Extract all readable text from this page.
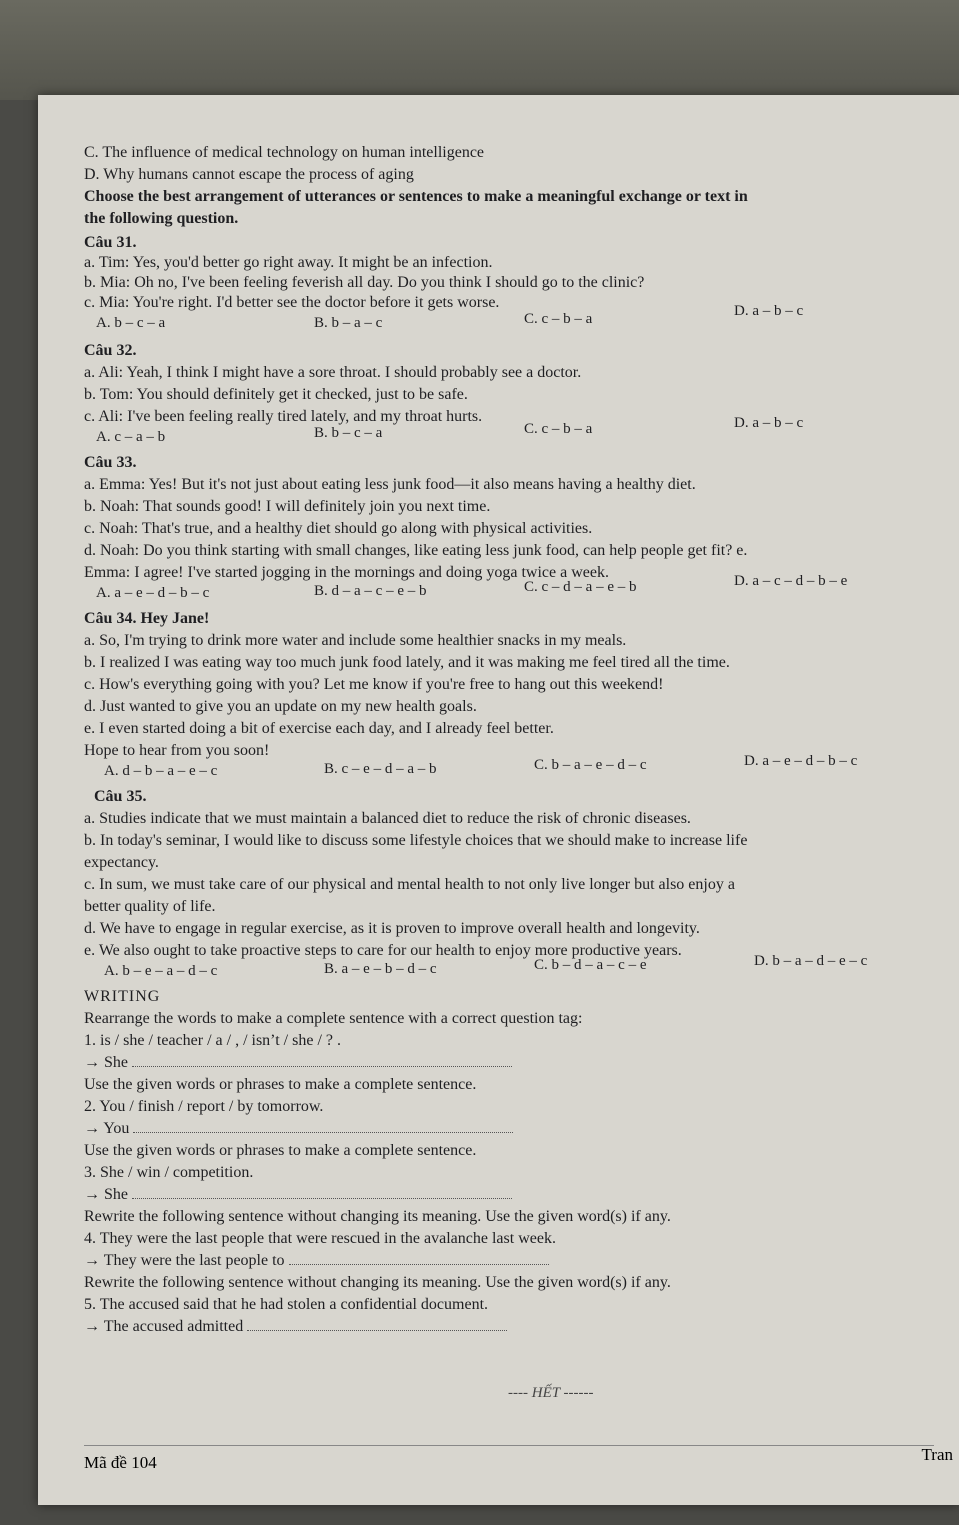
C. The influence of medical technology on human intelligence
D. Why humans cannot escape the process of aging
Choose the best arrangement of utterances or sentences to make a meaningful exchange or text in
the following question.
Câu 31.
a. Tim: Yes, you'd better go right away. It might be an infection.
b. Mia: Oh no, I've been feeling feverish all day. Do you think I should go to the clinic?
c. Mia: You're right. I'd better see the doctor before it gets worse.
A. b – c – a	B. b – a – c	C. c – b – a	D. a – b – c
Câu 32.
a. Ali: Yeah, I think I might have a sore throat. I should probably see a doctor.
b. Tom: You should definitely get it checked, just to be safe.
c. Ali: I've been feeling really tired lately, and my throat hurts.
A. c – a – b	B. b – c – a	C. c – b – a	D. a – b – c
Câu 33.
a. Emma: Yes! But it's not just about eating less junk food—it also means having a healthy diet.
b. Noah: That sounds good! I will definitely join you next time.
c. Noah: That's true, and a healthy diet should go along with physical activities.
d. Noah: Do you think starting with small changes, like eating less junk food, can help people get fit? e.
Emma: I agree! I've started jogging in the mornings and doing yoga twice a week.
A. a – e – d – b – c	B. d – a – c – e – b	C. c – d – a – e – b	D. a – c – d – b – e
Câu 34. Hey Jane!
a. So, I'm trying to drink more water and include some healthier snacks in my meals.
b. I realized I was eating way too much junk food lately, and it was making me feel tired all the time.
c. How's everything going with you? Let me know if you're free to hang out this weekend!
d. Just wanted to give you an update on my new health goals.
e. I even started doing a bit of exercise each day, and I already feel better.
Hope to hear from you soon!
A. d – b – a – e – c	B. c – e – d – a – b	C. b – a – e – d – c	D. a – e – d – b – c
Câu 35.
a. Studies indicate that we must maintain a balanced diet to reduce the risk of chronic diseases.
b. In today's seminar, I would like to discuss some lifestyle choices that we should make to increase life
expectancy.
c. In sum, we must take care of our physical and mental health to not only live longer but also enjoy a
better quality of life.
d. We have to engage in regular exercise, as it is proven to improve overall health and longevity.
e. We also ought to take proactive steps to care for our health to enjoy more productive years.
A. b – e – a – d – c	B. a – e – b – d – c	C. b – d – a – c – e	D. b – a – d – e – c
WRITING
Rearrange the words to make a complete sentence with a correct question tag:
1. is / she / teacher / a / , / isn’t / she / ? .
→ She
Use the given words or phrases to make a complete sentence.
2. You / finish / report / by tomorrow.
→ You
Use the given words or phrases to make a complete sentence.
3. She / win / competition.
→ She
Rewrite the following sentence without changing its meaning. Use the given word(s) if any.
4. They were the last people that were rescued in the avalanche last week.
→ They were the last people to
Rewrite the following sentence without changing its meaning. Use the given word(s) if any.
5. The accused said that he had stolen a confidential document.
→ The accused admitted
---- HẾT ------
Mã đề 104	Tran
